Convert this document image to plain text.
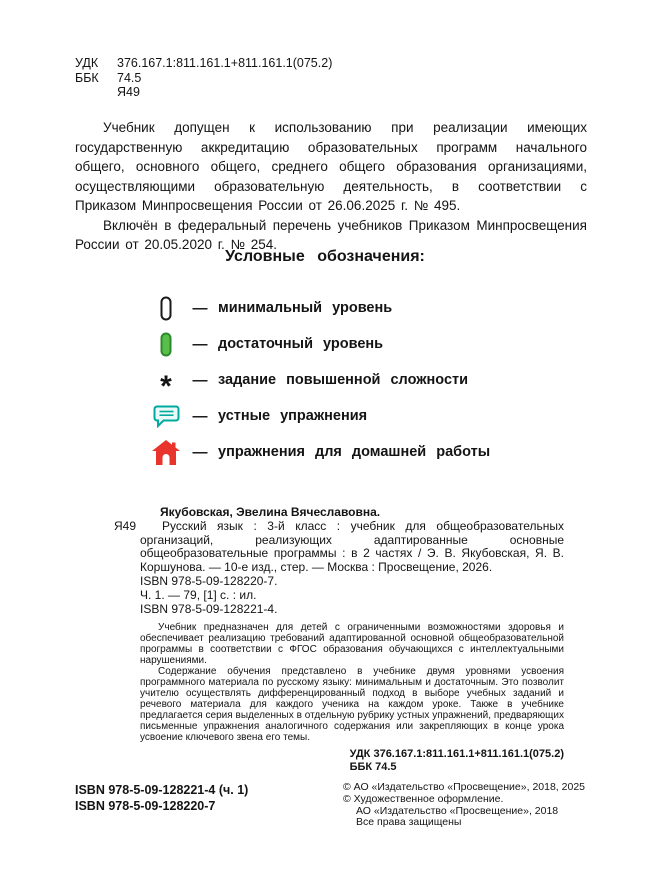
УДК	376.167.1:811.161.1+811.161.1(075.2)
ББК	74.5
Я49

Учебник допущен к использованию при реализации имеющих государственную аккредитацию образовательных программ начального общего, основного общего, среднего общего образования организациями, осуществляющими образовательную деятельность, в соответствии с Приказом Минпросвещения России от 26.06.2025 г. № 495.

Включён в федеральный перечень учебников Приказом Минпросвещения России от 20.05.2020 г. № 254.

Условные обозначения:
— минимальный уровень
— достаточный уровень
*	— задание повышенной сложности
— устные упражнения
— упражнения для домашней работы
Якубовская, Эвелина Вячеславовна.
Я49	Русский язык : 3-й класс : учебник для общеобразовательных организаций, реализующих адаптированные основные общеобразовательные программы : в 2 частях / Э. В. Якубовская, Я. В. Коршунова. — 10-е изд., стер. — Москва : Просвещение, 2026.
ISBN 978-5-09-128220-7.
Ч. 1. — 79, [1] с. : ил.
ISBN 978-5-09-128221-4.

Учебник предназначен для детей с ограниченными возможностями здоровья и обеспечивает реализацию требований адаптированной основной общеобразовательной программы в соответствии с ФГОС образования обучающихся с интеллектуальными нарушениями.

Содержание обучения представлено в учебнике двумя уровнями усвоения программного материала по русскому языку: минимальным и достаточным. Это позволит учителю осуществлять дифференцированный подход в выборе учебных заданий и речевого материала для каждого ученика на каждом уроке. Также в учебнике предлагается серия выделенных в отдельную рубрику устных упражнений, предваряющих письменные упражнения аналогичного содержания или закрепляющих в конце урока усвоение ключевого звена его темы.

УДК 376.167.1:811.161.1+811.161.1(075.2)
ББК 74.5
ISBN 978-5-09-128221-4 (ч. 1)
ISBN 978-5-09-128220-7
© АО «Издательство «Просвещение», 2018, 2025
© Художественное оформление.
АО «Издательство «Просвещение», 2018
Все права защищены
